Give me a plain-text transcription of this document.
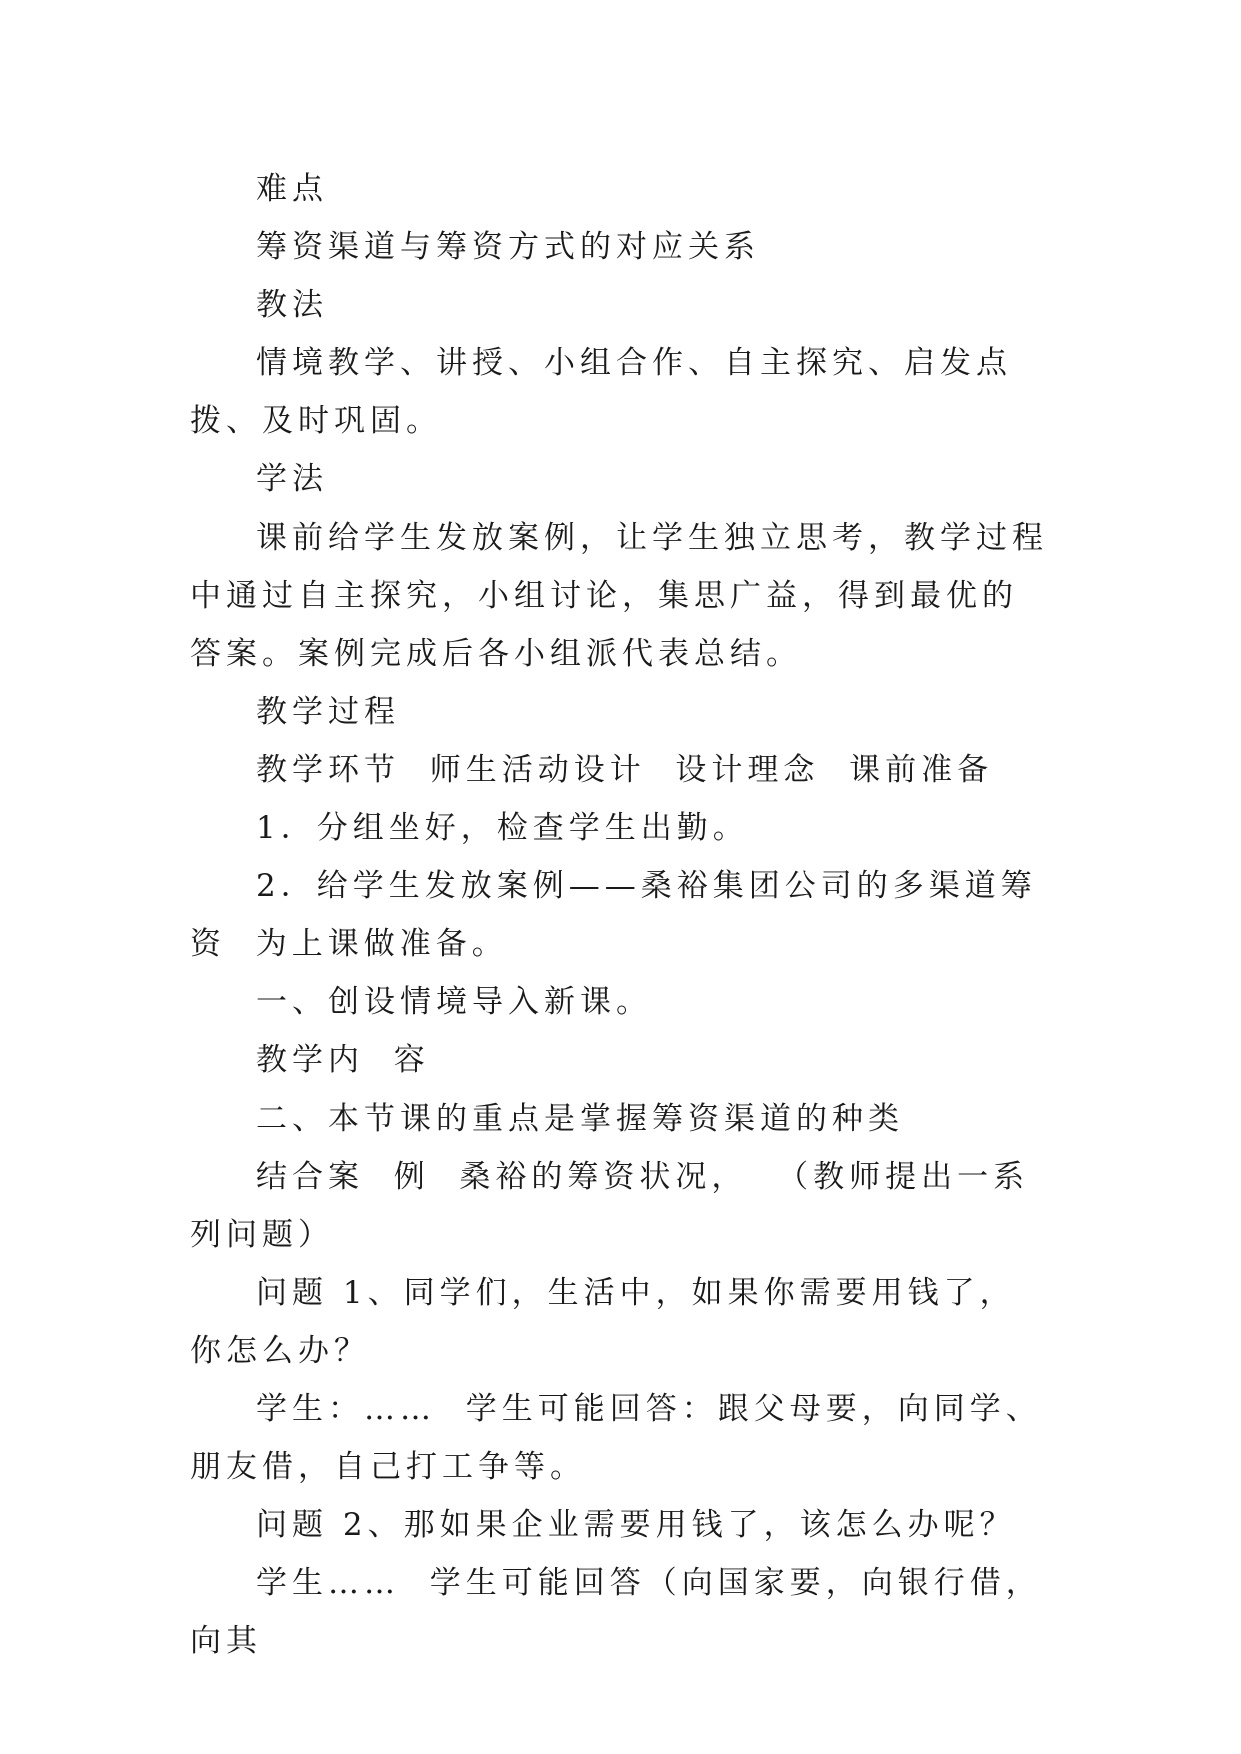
难点

筹资渠道与筹资方式的对应关系

教法

情境教学、讲授、小组合作、自主探究、启发点拨、及时巩固。

学法

课前给学生发放案例，让学生独立思考，教学过程中通过自主探究，小组讨论，集思广益，得到最优的答案。案例完成后各小组派代表总结。

教学过程

教学环节  师生活动设计  设计理念  课前准备

1．分组坐好，检查学生出勤。

2．给学生发放案例——桑裕集团公司的多渠道筹资  为上课做准备。

一、创设情境导入新课。

教学内  容

二、本节课的重点是掌握筹资渠道的种类

结合案  例  桑裕的筹资状况，  （教师提出一系列问题）

问题 1、同学们，生活中，如果你需要用钱了，你怎么办？

学生：……  学生可能回答：跟父母要，向同学、朋友借，自己打工争等。

问题 2、那如果企业需要用钱了，该怎么办呢？

学生……  学生可能回答（向国家要，向银行借，向其
